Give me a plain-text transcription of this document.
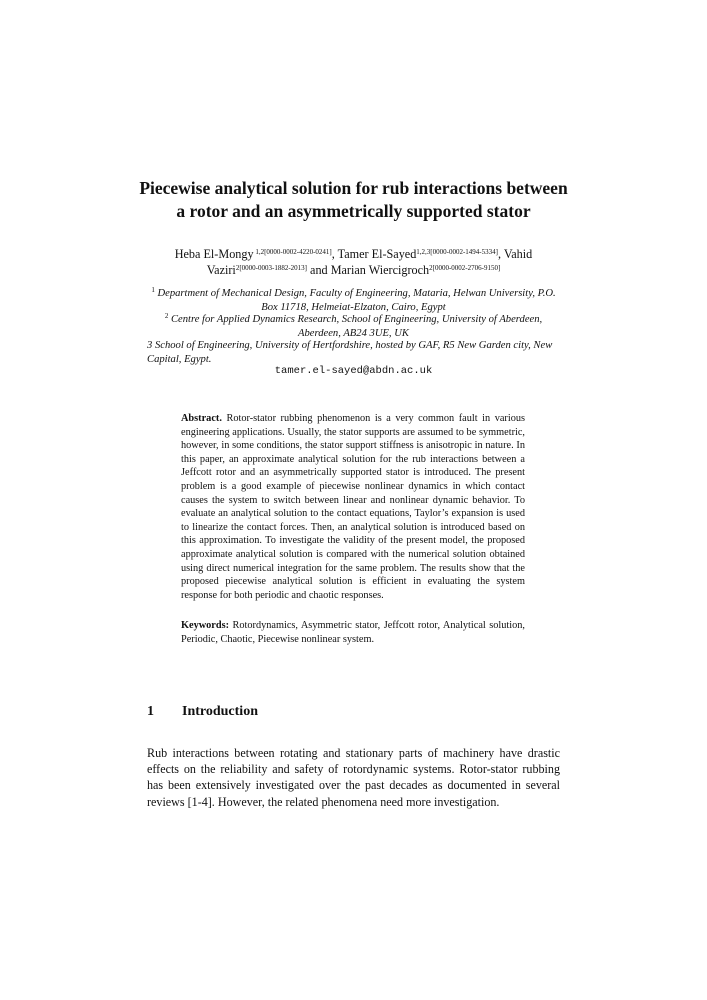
Piecewise analytical solution for rub interactions between
a rotor and an asymmetrically supported stator
Heba El-Mongy $^{1,2[0000-0002-4220-0241]}$, Tamer El-Sayed$^{1,2,3[0000-0002-1494-5334]}$, Vahid
Vaziri$^{2[0000-0003-1882-2013]}$ and Marian Wiercigroch$^{2[0000-0002-2706-9150]}$
$^1$ Department of Mechanical Design, Faculty of Engineering, Mataria, Helwan University, P.O. Box 11718, Helmeiat-Elzaton, Cairo, Egypt
$^2$ Centre for Applied Dynamics Research, School of Engineering, University of Aberdeen, Aberdeen, AB24 3UE, UK
3 School of Engineering, University of Hertfordshire, hosted by GAF, R5 New Garden city, New Capital, Egypt.
tamer.el-sayed@abdn.ac.uk
Abstract. Rotor-stator rubbing phenomenon is a very common fault in various engineering applications. Usually, the stator supports are assumed to be symmetric, however, in some conditions, the stator support stiffness is anisotropic in nature. In this paper, an approximate analytical solution for the rub interactions between a Jeffcott rotor and an asymmetrically supported stator is introduced. The present problem is a good example of piecewise nonlinear dynamics in which contact causes the system to switch between linear and nonlinear dynamic behavior. To evaluate an analytical solution to the contact equations, Taylor’s expansion is used to linearize the contact forces. Then, an analytical solution is introduced based on this approximation. To investigate the validity of the present model, the proposed approximate analytical solution is compared with the numerical solution obtained using direct numerical integration for the same problem. The results show that the proposed piecewise analytical solution is efficient in evaluating the system response for both periodic and chaotic responses.
Keywords: Rotordynamics, Asymmetric stator, Jeffcott rotor, Analytical solution, Periodic, Chaotic, Piecewise nonlinear system.
1 Introduction
Rub interactions between rotating and stationary parts of machinery have drastic effects on the reliability and safety of rotordynamic systems. Rotor-stator rubbing has been extensively investigated over the past decades as documented in several reviews [1-4]. However, the related phenomena need more investigation.
